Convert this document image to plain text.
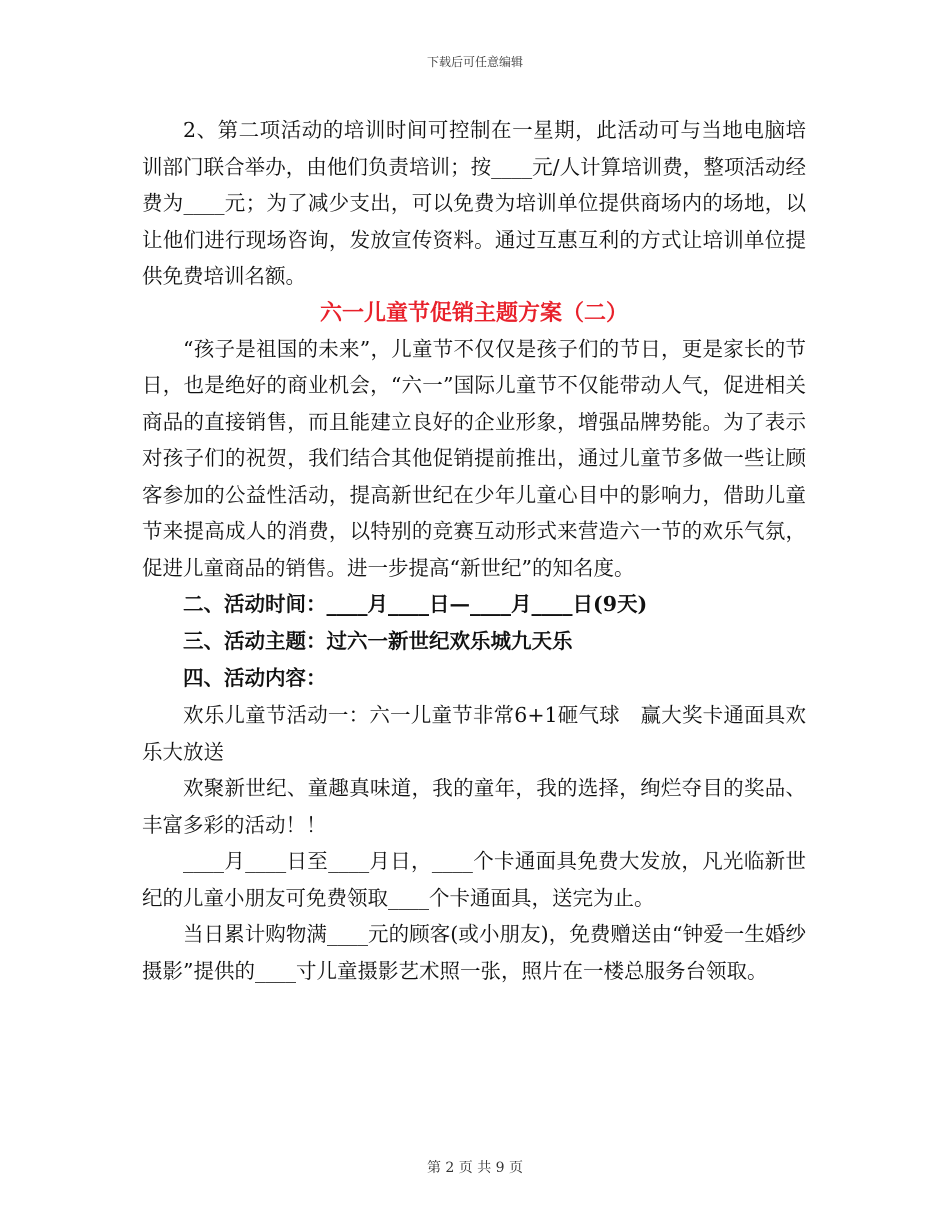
下载后可任意编辑

2、第二项活动的培训时间可控制在一星期，此活动可与当地电脑培训部门联合举办，由他们负责培训；按____元/人计算培训费，整项活动经费为____元；为了减少支出，可以免费为培训单位提供商场内的场地，以让他们进行现场咨询，发放宣传资料。通过互惠互利的方式让培训单位提供免费培训名额。

六一儿童节促销主题方案（二）

“孩子是祖国的未来”，儿童节不仅仅是孩子们的节日，更是家长的节日，也是绝好的商业机会，“六一”国际儿童节不仅能带动人气，促进相关商品的直接销售，而且能建立良好的企业形象，增强品牌势能。为了表示对孩子们的祝贺，我们结合其他促销提前推出，通过儿童节多做一些让顾客参加的公益性活动，提高新世纪在少年儿童心目中的影响力，借助儿童节来提高成人的消费，以特别的竞赛互动形式来营造六一节的欢乐气氛，促进儿童商品的销售。进一步提高“新世纪”的知名度。

二、活动时间：____月____日—____月____日(9天)

三、活动主题：过六一新世纪欢乐城九天乐

四、活动内容：

欢乐儿童节活动一：六一儿童节非常6+1砸气球　赢大奖卡通面具欢乐大放送

欢聚新世纪、童趣真味道，我的童年，我的选择，绚烂夺目的奖品、丰富多彩的活动！！

____月____日至____月日，____个卡通面具免费大发放，凡光临新世纪的儿童小朋友可免费领取____个卡通面具，送完为止。

当日累计购物满____元的顾客(或小朋友)，免费赠送由“钟爱一生婚纱摄影”提供的____寸儿童摄影艺术照一张，照片在一楼总服务台领取。

第 2 页 共 9 页
